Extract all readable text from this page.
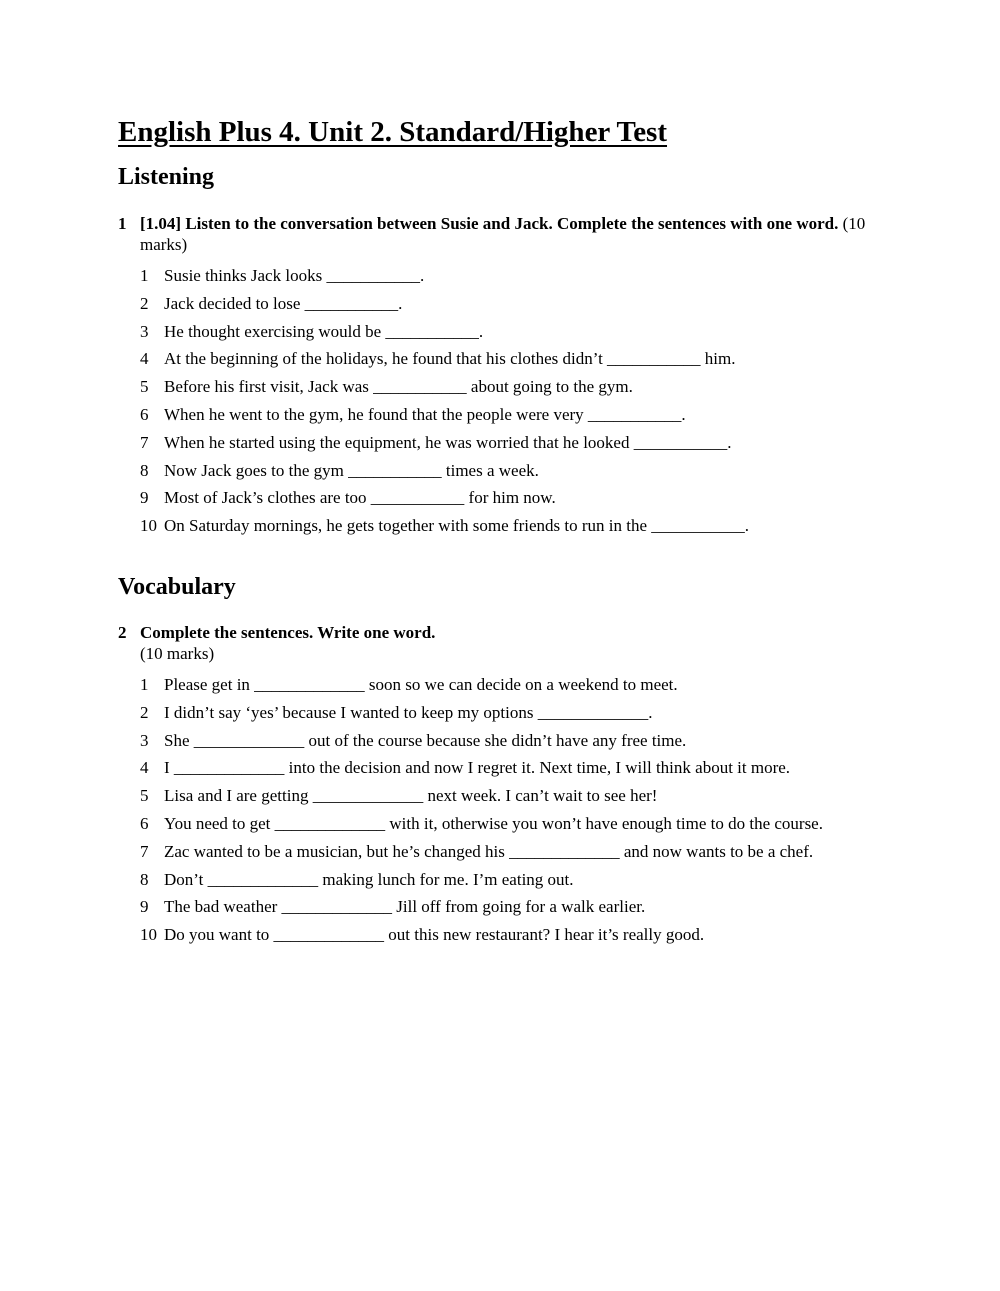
English Plus 4. Unit 2. Standard/Higher Test
Listening
1 [1.04] Listen to the conversation between Susie and Jack. Complete the sentences with one word. (10 marks)
1 Susie thinks Jack looks ___________.
2 Jack decided to lose ___________.
3 He thought exercising would be ___________.
4 At the beginning of the holidays, he found that his clothes didn’t ___________ him.
5 Before his first visit, Jack was ___________ about going to the gym.
6 When he went to the gym, he found that the people were very ___________.
7 When he started using the equipment, he was worried that he looked ___________.
8 Now Jack goes to the gym ___________ times a week.
9 Most of Jack’s clothes are too ___________ for him now.
10 On Saturday mornings, he gets together with some friends to run in the ___________.
Vocabulary
2 Complete the sentences. Write one word.
(10 marks)
1 Please get in _____________ soon so we can decide on a weekend to meet.
2 I didn’t say ‘yes’ because I wanted to keep my options _____________.
3 She _____________ out of the course because she didn’t have any free time.
4 I _____________ into the decision and now I regret it. Next time, I will think about it more.
5 Lisa and I are getting _____________ next week. I can’t wait to see her!
6 You need to get _____________ with it, otherwise you won’t have enough time to do the course.
7 Zac wanted to be a musician, but he’s changed his _____________ and now wants to be a chef.
8 Don’t _____________ making lunch for me. I’m eating out.
9 The bad weather _____________ Jill off from going for a walk earlier.
10 Do you want to _____________ out this new restaurant? I hear it’s really good.
